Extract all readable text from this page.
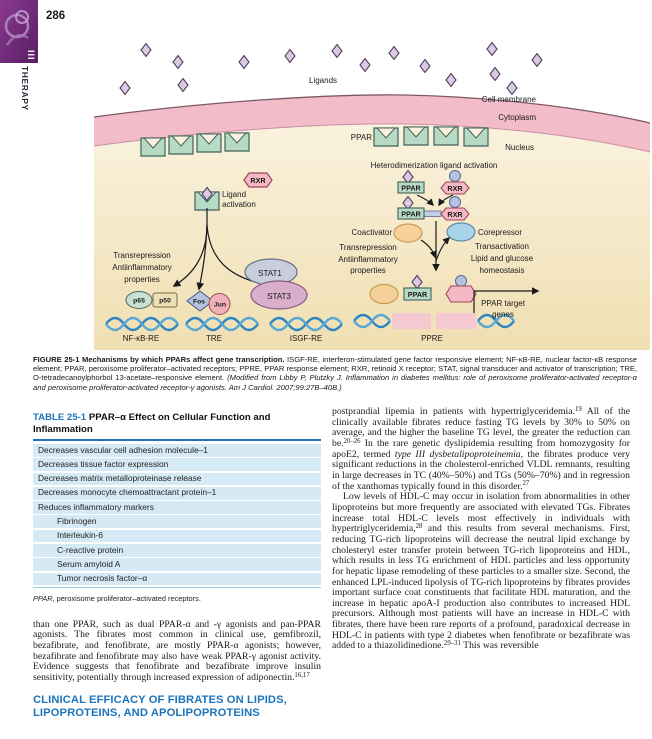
III
THERAPY
286
Ligands
Cell membrane
Cytoplasm
Nucleus
PPAR
Heterodimerization ligand activation
RXR
Ligand
activation
Transrepression
Antiinflammatory
properties
p65 p50	Fos Jun
STAT1
STAT3
PPAR	RXR
PPAR	RXR
Coactivator	Corepressor
Transrepression
Antiinflammatory
properties
Transactivation
Lipid and glucose
homeostasis
PPAR
NF-κB-RE	TRE	ISGF-RE	PPRE
PPAR target
genes
FIGURE 25-1 Mechanisms by which PPARs affect gene transcription. ISGF-RE, interferon-stimulated gene factor responsive element; NF-κB-RE, nuclear factor-κB response element; PPAR, peroxisome proliferator–activated receptors; PPRE, PPAR response element; RXR, retinoid X receptor; STAT, signal transducer and activator of transcription; TRE, O-tetradecanoylphorbol 13-acetate–responsive element. (Modified from Libby P, Plutzky J. Inflammation in diabetes mellitus: role of peroxisome proliferator-activated receptor-α and peroxisome proliferator-activated receptor-γ agonists. Am J Cardiol. 2007;99:27B–40B.)
TABLE 25-1 PPAR–α Effect on Cellular Function and Inflammation
Decreases vascular cell adhesion molecule–1
Decreases tissue factor expression
Decreases matrix metalloproteinase release
Decreases monocyte chemoattractant protein–1
Reduces inflammatory markers
Fibrinogen
Interleukin-6
C-reactive protein
Serum amyloid A
Tumor necrosis factor–α
PPAR, peroxisome proliferator–activated receptors.
than one PPAR, such as dual PPAR-α and -γ agonists and pan-PPAR agonists. The fibrates most common in clinical use, gemfibrozil, bezafibrate, and fenofibrate, are mostly PPAR-α agonists; however, bezafibrate and fenofibrate may also have weak PPAR-γ agonist activity. Evidence suggests that fenofibrate and bezafibrate improve insulin sensitivity, potentially through increased expression of adiponectin.$^{16,17}$
CLINICAL EFFICACY OF FIBRATES ON LIPIDS, LIPOPROTEINS, AND APOLIPOPROTEINS
postprandial lipemia in patients with hypertriglyceridemia.$^{19}$ All of the clinically available fibrates reduce fasting TG levels by 30% to 50% on average, and the higher the baseline TG level, the greater the reduction can be.$^{20-26}$ In the rare genetic dyslipidemia resulting from homozygosity for apoE2, termed type III dysbetalipoproteinemia, the fibrates produce very significant reductions in the cholesterol-enriched VLDL remnants, resulting in large decreases in TC (40%–50%) and TGs (50%–70%) and in regression of the xanthomas typically found in this disorder.$^{27}$
Low levels of HDL-C may occur in isolation from abnormalities in other lipoproteins but more frequently are associated with elevated TGs. Fibrates increase total HDL-C levels most effectively in individuals with hypertriglyceridemia,$^{28}$ and this results from several mechanisms. First, reducing TG-rich lipoproteins will decrease the neutral lipid exchange by cholesteryl ester transfer protein between TG-rich lipoproteins and HDL, which results in less TG enrichment of HDL particles and less opportunity for hepatic lipase remodeling of these particles to a smaller size. Second, the enhanced LPL-induced lipolysis of TG-rich lipoproteins by fibrates provides important surface coat constituents that facilitate HDL maturation, and the increase in hepatic apoA-I production also contributes to increased HDL precursors. Although most patients will have an increase in HDL-C with fibrates, there have been rare reports of a profound, paradoxical decrease in HDL-C in patients with type 2 diabetes when fenofibrate or bezafibrate was added to a thiazolidinedione.$^{29-31}$ This was reversible
